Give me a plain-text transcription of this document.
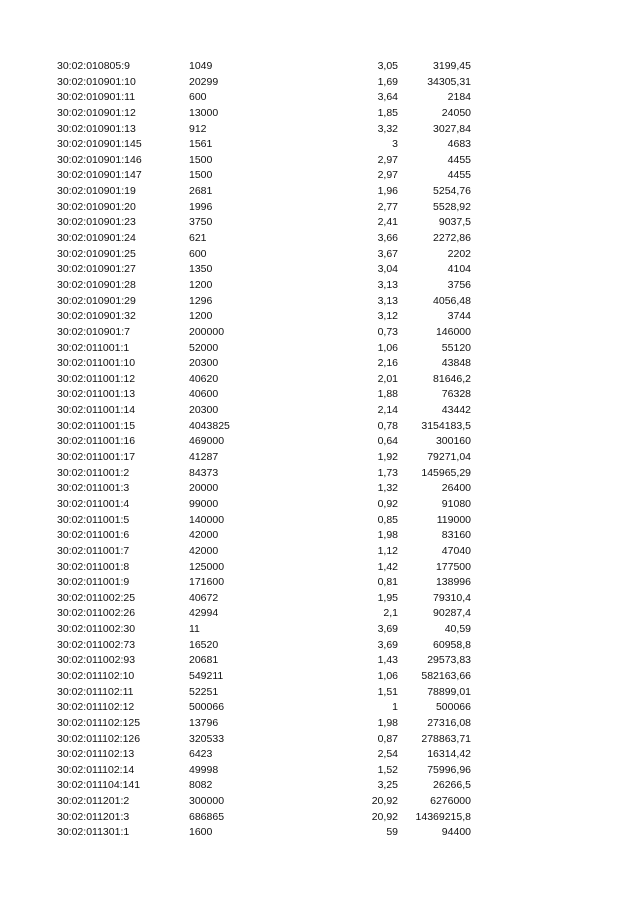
30:02:010805:9	1049	3,05	3199,45
30:02:010901:10	20299	1,69	34305,31
30:02:010901:11	600	3,64	2184
30:02:010901:12	13000	1,85	24050
30:02:010901:13	912	3,32	3027,84
30:02:010901:145	1561	3	4683
30:02:010901:146	1500	2,97	4455
30:02:010901:147	1500	2,97	4455
30:02:010901:19	2681	1,96	5254,76
30:02:010901:20	1996	2,77	5528,92
30:02:010901:23	3750	2,41	9037,5
30:02:010901:24	621	3,66	2272,86
30:02:010901:25	600	3,67	2202
30:02:010901:27	1350	3,04	4104
30:02:010901:28	1200	3,13	3756
30:02:010901:29	1296	3,13	4056,48
30:02:010901:32	1200	3,12	3744
30:02:010901:7	200000	0,73	146000
30:02:011001:1	52000	1,06	55120
30:02:011001:10	20300	2,16	43848
30:02:011001:12	40620	2,01	81646,2
30:02:011001:13	40600	1,88	76328
30:02:011001:14	20300	2,14	43442
30:02:011001:15	4043825	0,78	3154183,5
30:02:011001:16	469000	0,64	300160
30:02:011001:17	41287	1,92	79271,04
30:02:011001:2	84373	1,73	145965,29
30:02:011001:3	20000	1,32	26400
30:02:011001:4	99000	0,92	91080
30:02:011001:5	140000	0,85	119000
30:02:011001:6	42000	1,98	83160
30:02:011001:7	42000	1,12	47040
30:02:011001:8	125000	1,42	177500
30:02:011001:9	171600	0,81	138996
30:02:011002:25	40672	1,95	79310,4
30:02:011002:26	42994	2,1	90287,4
30:02:011002:30	11	3,69	40,59
30:02:011002:73	16520	3,69	60958,8
30:02:011002:93	20681	1,43	29573,83
30:02:011102:10	549211	1,06	582163,66
30:02:011102:11	52251	1,51	78899,01
30:02:011102:12	500066	1	500066
30:02:011102:125	13796	1,98	27316,08
30:02:011102:126	320533	0,87	278863,71
30:02:011102:13	6423	2,54	16314,42
30:02:011102:14	49998	1,52	75996,96
30:02:011104:141	8082	3,25	26266,5
30:02:011201:2	300000	20,92	6276000
30:02:011201:3	686865	20,92	14369215,8
30:02:011301:1	1600	59	94400
